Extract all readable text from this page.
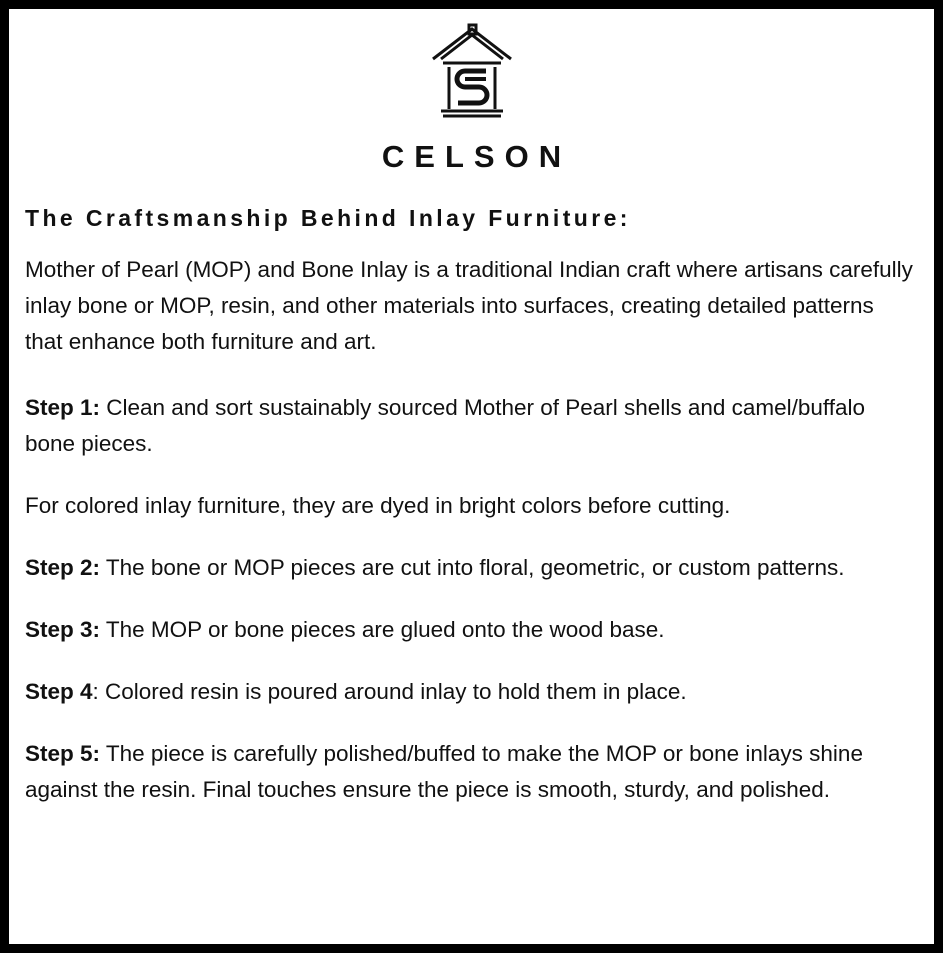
CELSON
The Craftsmanship Behind Inlay Furniture:

Mother of Pearl (MOP) and Bone Inlay is a traditional Indian craft where artisans carefully inlay bone or MOP, resin, and other materials into surfaces, creating detailed patterns that enhance both furniture and art.

Step 1: Clean and sort sustainably sourced Mother of Pearl shells and camel/buffalo bone pieces.

For colored inlay furniture, they are dyed in bright colors before cutting.

Step 2: The bone or MOP pieces are cut into floral, geometric, or custom patterns.

Step 3: The MOP or bone pieces are glued onto the wood base.

Step 4: Colored resin is poured around inlay to hold them in place.

Step 5: The piece is carefully polished/buffed to make the MOP or bone inlays shine against the resin. Final touches ensure the piece is smooth, sturdy, and polished.
